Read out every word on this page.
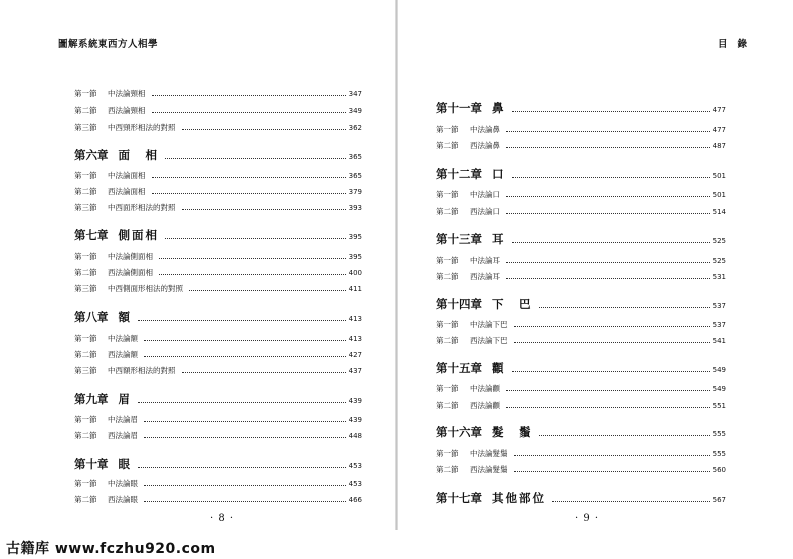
圖解系統東西方人相學
第一節 中法論頸相	347
第二節 西法論頸相	349
第三節 中西頸形相法的對照	362
第六章 面　相	365
第一節 中法論面相	365
第二節 西法論面相	379
第三節 中西面形相法的對照	393
第七章 側面相	395
第一節 中法論側面相	395
第二節 西法論側面相	400
第三節 中西側面形相法的對照	411
第八章 額	413
第一節 中法論額	413
第二節 西法論額	427
第三節 中西額形相法的對照	437
第九章 眉	439
第一節 中法論眉	439
第二節 西法論眉	448
第十章 眼	453
第一節 中法論眼	453
第二節 西法論眼	466
· 8 ·
目錄
第十一章 鼻	477
第一節 中法論鼻	477
第二節 西法論鼻	487
第十二章 口	501
第一節 中法論口	501
第二節 西法論口	514
第十三章 耳	525
第一節 中法論耳	525
第二節 西法論耳	531
第十四章 下　巴	537
第一節 中法論下巴	537
第二節 西法論下巴	541
第十五章 顴	549
第一節 中法論顴	549
第二節 西法論顴	551
第十六章 髮　鬚	555
第一節 中法論髮鬚	555
第二節 西法論髮鬚	560
第十七章 其他部位	567
· 9 ·
古籍库 www.fczhu920.com
